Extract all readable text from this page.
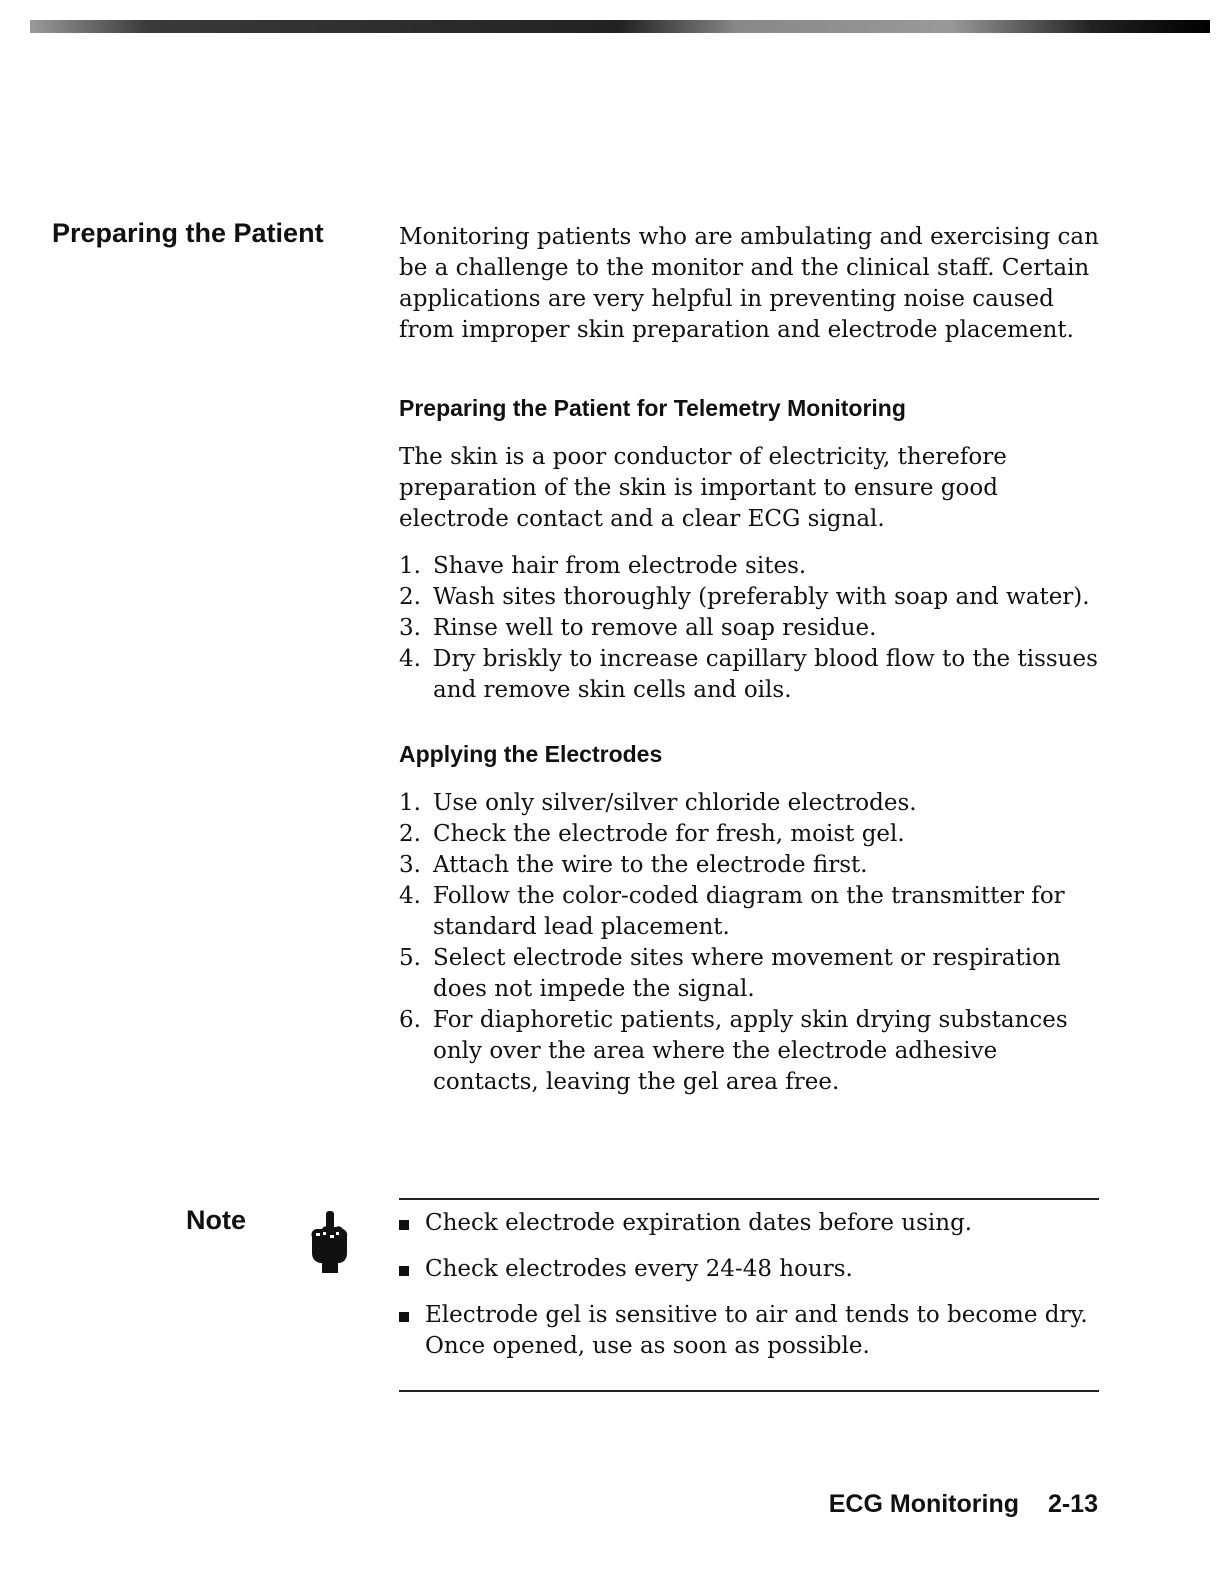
Preparing the Patient	Monitoring patients who are ambulating and exercising can be a challenge to the monitor and the clinical staff. Certain applications are very helpful in preventing noise caused from improper skin preparation and electrode placement.

Preparing the Patient for Telemetry Monitoring

The skin is a poor conductor of electricity, therefore preparation of the skin is important to ensure good electrode contact and a clear ECG signal.

1. Shave hair from electrode sites.
2. Wash sites thoroughly (preferably with soap and water).
3. Rinse well to remove all soap residue.
4. Dry briskly to increase capillary blood flow to the tissues and remove skin cells and oils.
Applying the Electrodes
1. Use only silver/silver chloride electrodes.
2. Check the electrode for fresh, moist gel.
3. Attach the wire to the electrode first.
4. Follow the color-coded diagram on the transmitter for standard lead placement.
5. Select electrode sites where movement or respiration does not impede the signal.
6. For diaphoretic patients, apply skin drying substances only over the area where the electrode adhesive contacts, leaving the gel area free.
Note	Check electrode expiration dates before using.
Check electrodes every 24-48 hours.
Electrode gel is sensitive to air and tends to become dry. Once opened, use as soon as possible.
ECG Monitoring 2-13
